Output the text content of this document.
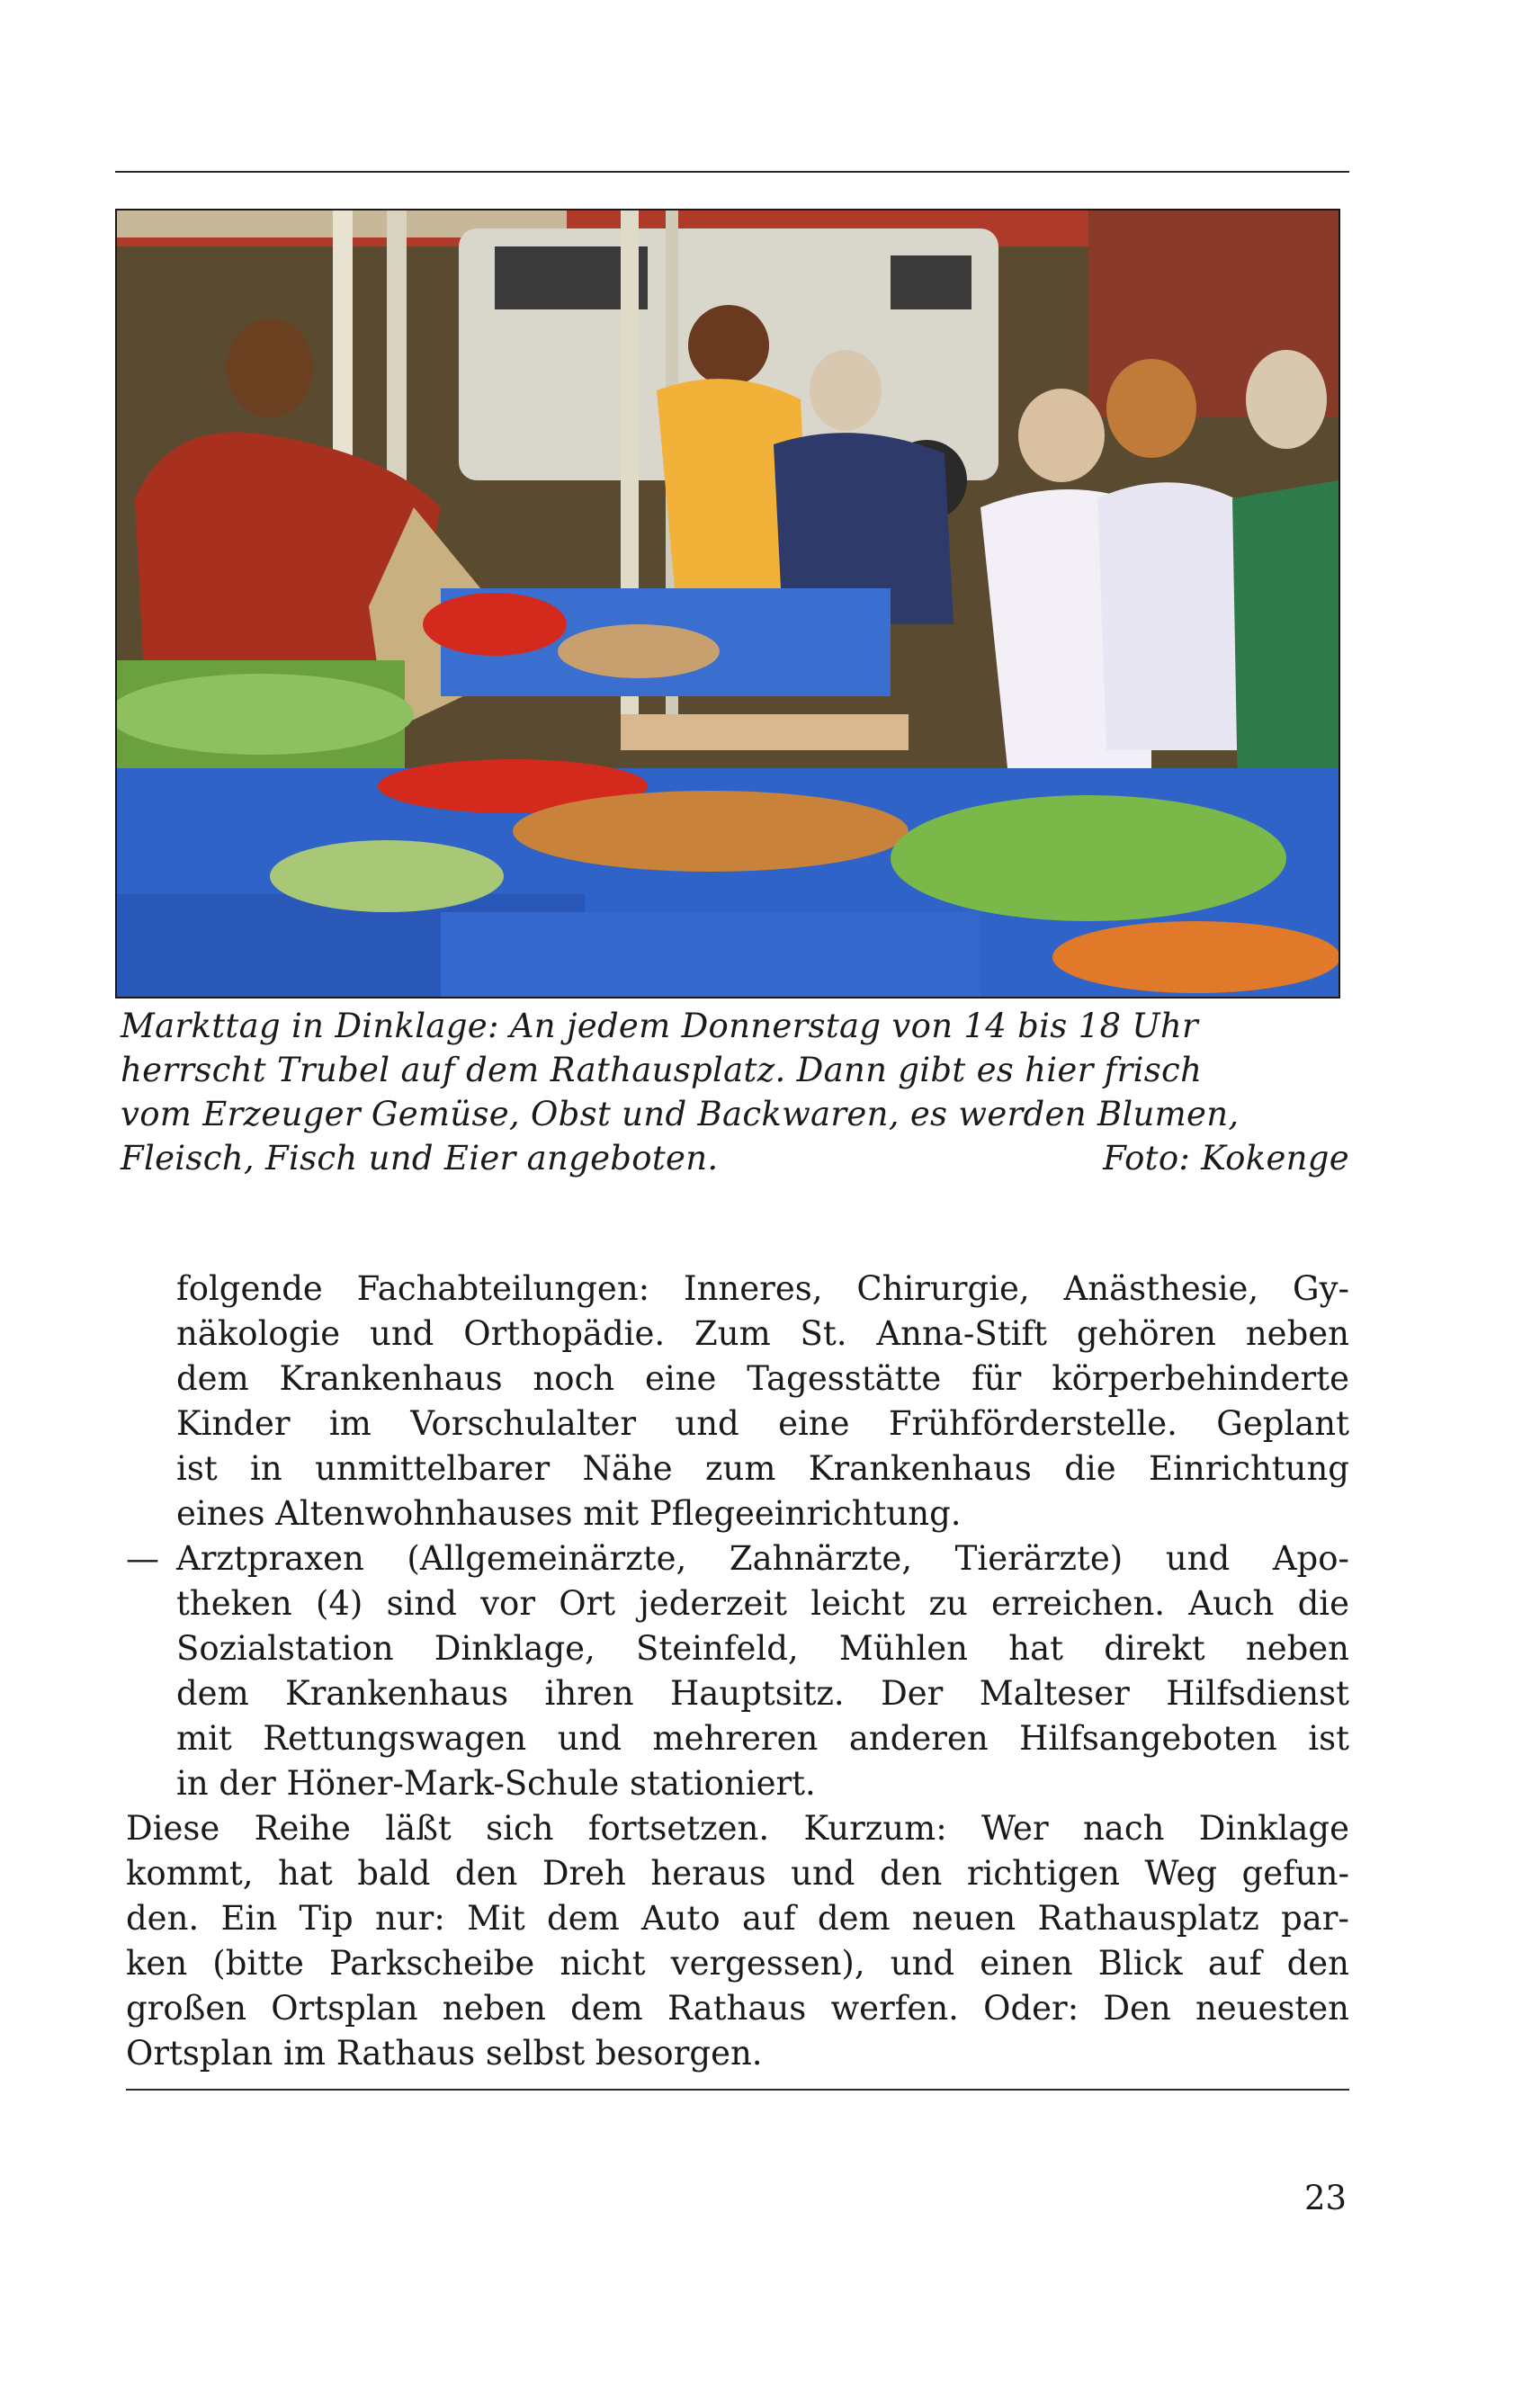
Markttag in Dinklage: An jedem Donnerstag von 14 bis 18 Uhr
herrscht Trubel auf dem Rathausplatz. Dann gibt es hier frisch
vom Erzeuger Gemüse, Obst und Backwaren, es werden Blumen,
Fleisch, Fisch und Eier angeboten.	Foto: Kokenge
folgende Fachabteilungen: Inneres, Chirurgie, Anästhesie, Gy-
näkologie und Orthopädie. Zum St. Anna-Stift gehören neben
dem Krankenhaus noch eine Tagesstätte für körperbehinderte
Kinder im Vorschulalter und eine Frühförderstelle. Geplant
ist in unmittelbarer Nähe zum Krankenhaus die Einrichtung
eines Altenwohnhauses mit Pflegeeinrichtung.
— Arztpraxen (Allgemeinärzte, Zahnärzte, Tierärzte) und Apo-
theken (4) sind vor Ort jederzeit leicht zu erreichen. Auch die
Sozialstation Dinklage, Steinfeld, Mühlen hat direkt neben
dem Krankenhaus ihren Hauptsitz. Der Malteser Hilfsdienst
mit Rettungswagen und mehreren anderen Hilfsangeboten ist
in der Höner-Mark-Schule stationiert.
Diese Reihe läßt sich fortsetzen. Kurzum: Wer nach Dinklage
kommt, hat bald den Dreh heraus und den richtigen Weg gefun-
den. Ein Tip nur: Mit dem Auto auf dem neuen Rathausplatz par-
ken (bitte Parkscheibe nicht vergessen), und einen Blick auf den
großen Ortsplan neben dem Rathaus werfen. Oder: Den neuesten
Ortsplan im Rathaus selbst besorgen.
23
